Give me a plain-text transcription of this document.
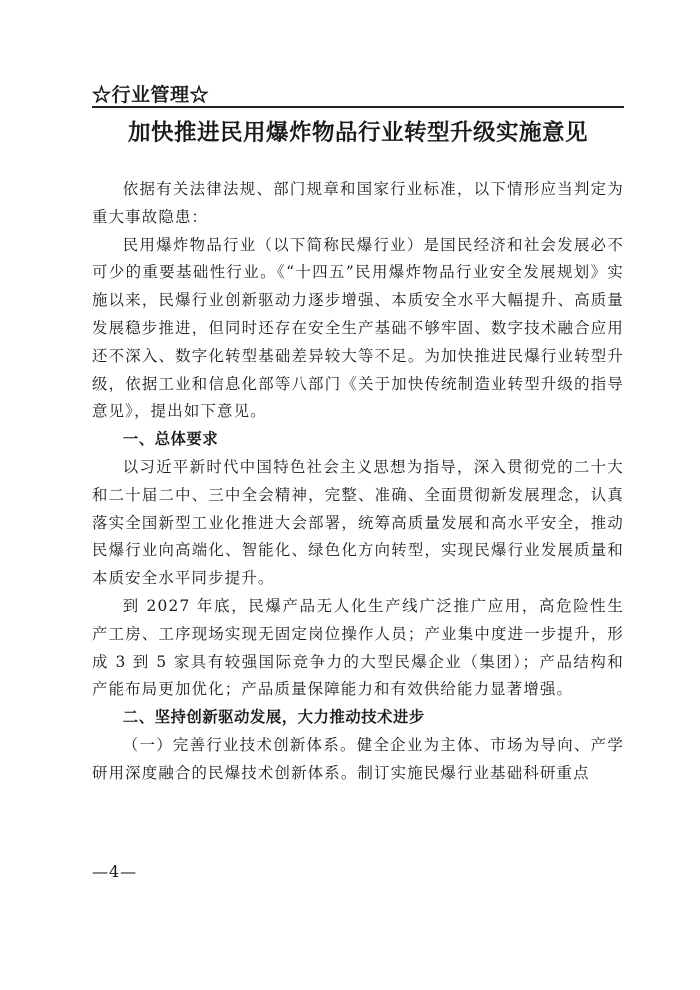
☆行业管理☆
加快推进民用爆炸物品行业转型升级实施意见

依据有关法律法规、部门规章和国家行业标准，以下情形应当判定为重大事故隐患：

民用爆炸物品行业（以下简称民爆行业）是国民经济和社会发展必不可少的重要基础性行业。《“十四五”民用爆炸物品行业安全发展规划》实施以来，民爆行业创新驱动力逐步增强、本质安全水平大幅提升、高质量发展稳步推进，但同时还存在安全生产基础不够牢固、数字技术融合应用还不深入、数字化转型基础差异较大等不足。为加快推进民爆行业转型升级，依据工业和信息化部等八部门《关于加快传统制造业转型升级的指导意见》，提出如下意见。

一、总体要求

以习近平新时代中国特色社会主义思想为指导，深入贯彻党的二十大和二十届二中、三中全会精神，完整、准确、全面贯彻新发展理念，认真落实全国新型工业化推进大会部署，统筹高质量发展和高水平安全，推动民爆行业向高端化、智能化、绿色化方向转型，实现民爆行业发展质量和本质安全水平同步提升。

到 2027 年底，民爆产品无人化生产线广泛推广应用，高危险性生产工房、工序现场实现无固定岗位操作人员；产业集中度进一步提升，形成 3 到 5 家具有较强国际竞争力的大型民爆企业（集团）；产品结构和产能布局更加优化；产品质量保障能力和有效供给能力显著增强。

二、坚持创新驱动发展，大力推动技术进步

（一）完善行业技术创新体系。健全企业为主体、市场为导向、产学研用深度融合的民爆技术创新体系。制订实施民爆行业基础科研重点

—4—
